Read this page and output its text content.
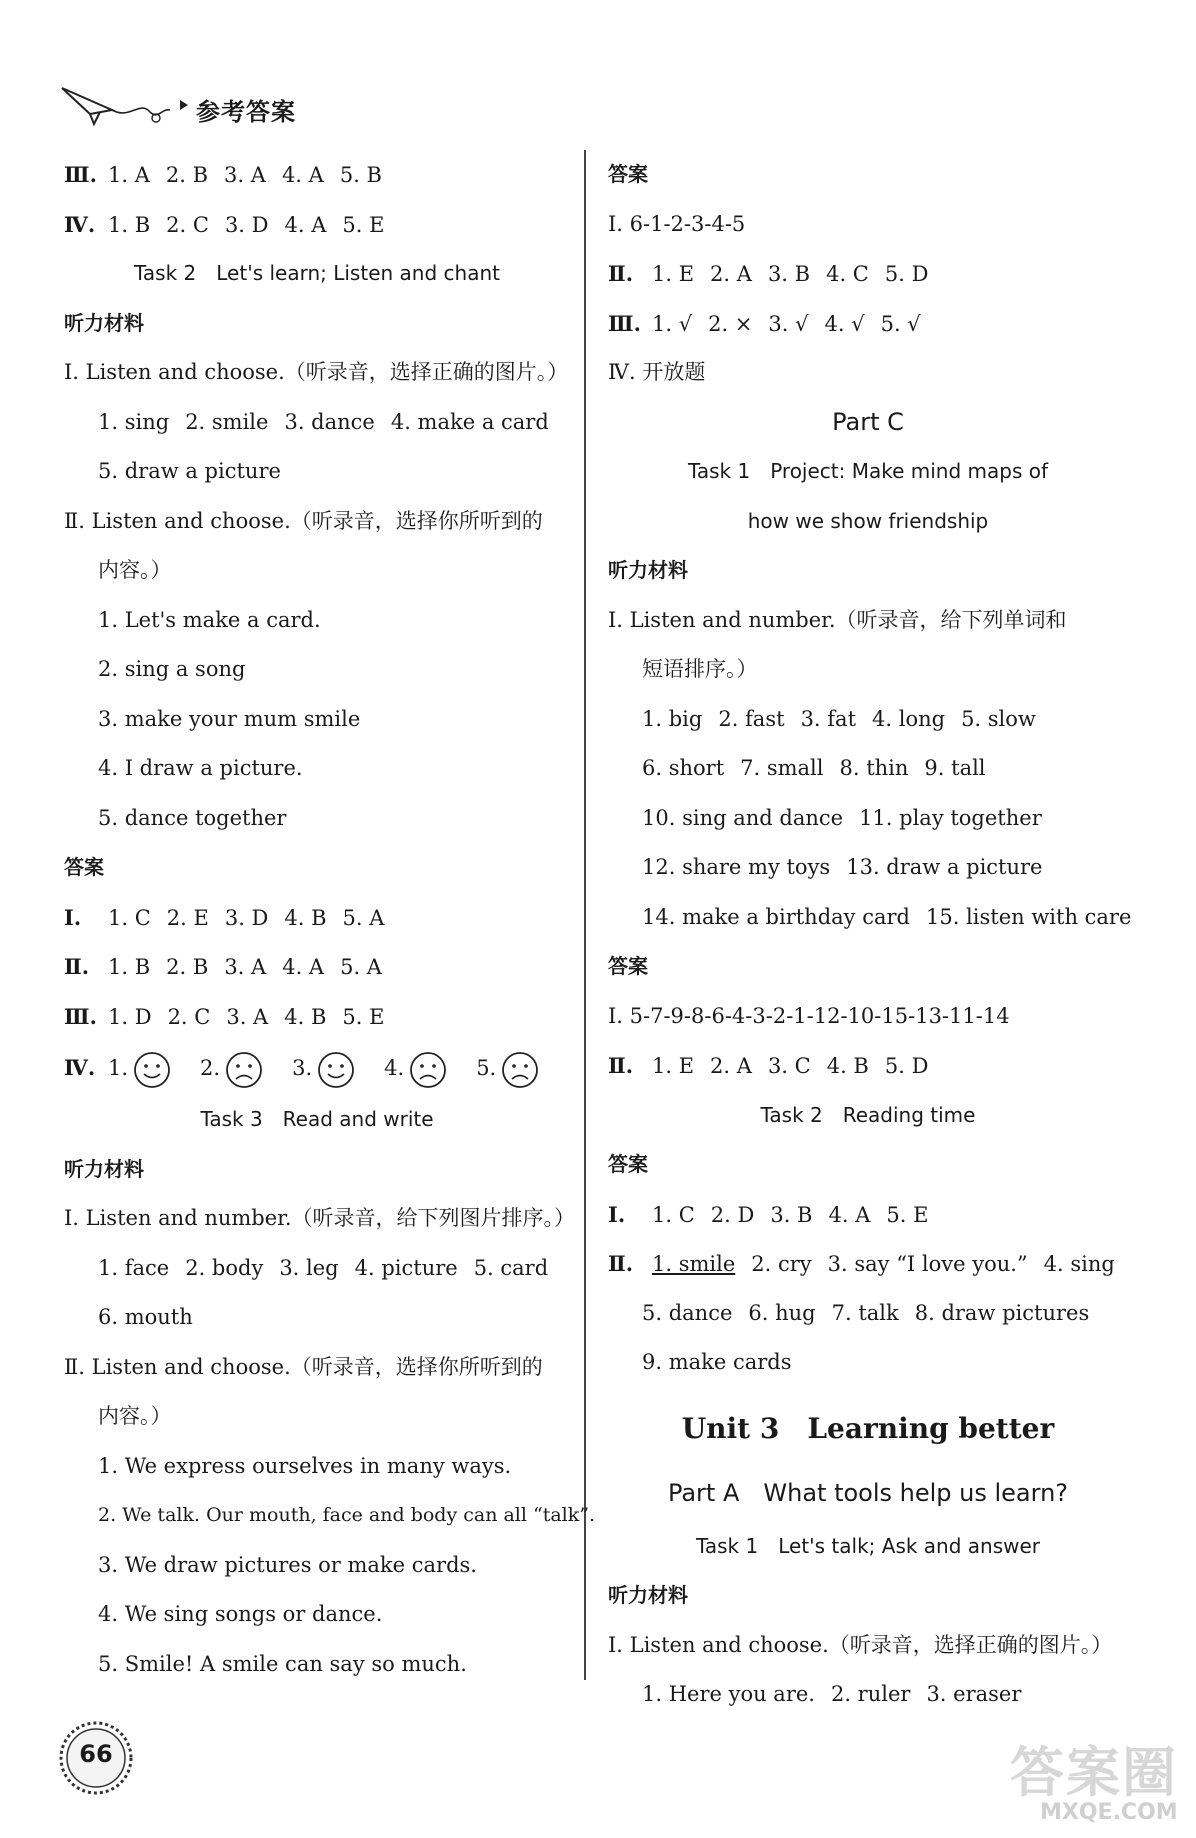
参考答案
Ⅲ. 1. A 2. B 3. A 4. A 5. B
Ⅳ. 1. B 2. C 3. D 4. A 5. E
Task 2　Let's learn; Listen and chant
听力材料
Ⅰ. Listen and choose.（听录音，选择正确的图片。）
1. sing 2. smile 3. dance 4. make a card
5. draw a picture
Ⅱ. Listen and choose.（听录音，选择你所听到的
内容。）
1. Let's make a card.
2. sing a song
3. make your mum smile
4. I draw a picture.
5. dance together
答案
Ⅰ. 1. C 2. E 3. D 4. B 5. A
Ⅱ. 1. B 2. B 3. A 4. A 5. A
Ⅲ. 1. D 2. C 3. A 4. B 5. E
Ⅳ. 1.	2.	3.	4.	5.
Task 3　Read and write
听力材料
Ⅰ. Listen and number.（听录音，给下列图片排序。）
1. face 2. body 3. leg 4. picture 5. card
6. mouth
Ⅱ. Listen and choose.（听录音，选择你所听到的
内容。）
1. We express ourselves in many ways.
2. We talk. Our mouth, face and body can all “talk”.
3. We draw pictures or make cards.
4. We sing songs or dance.
5. Smile! A smile can say so much.
答案
Ⅰ. 6-1-2-3-4-5
Ⅱ. 1. E 2. A 3. B 4. C 5. D
Ⅲ. 1. √ 2. × 3. √ 4. √ 5. √
Ⅳ. 开放题
Part C
Task 1　Project: Make mind maps of
how we show friendship
听力材料
Ⅰ. Listen and number.（听录音，给下列单词和
短语排序。）
1. big 2. fast 3. fat 4. long 5. slow
6. short 7. small 8. thin 9. tall
10. sing and dance 11. play together
12. share my toys 13. draw a picture
14. make a birthday card 15. listen with care
答案
Ⅰ. 5-7-9-8-6-4-3-2-1-12-10-15-13-11-14
Ⅱ. 1. E 2. A 3. C 4. B 5. D
Task 2　Reading time
答案
Ⅰ. 1. C 2. D 3. B 4. A 5. E
Ⅱ. 1. smile 2. cry 3. say “I love you.” 4. sing
5. dance 6. hug 7. talk 8. draw pictures
9. make cards
Unit 3　Learning better
Part A　What tools help us learn?
Task 1　Let's talk; Ask and answer
听力材料
Ⅰ. Listen and choose.（听录音，选择正确的图片。）
1. Here you are. 2. ruler 3. eraser
66	答案圈
MXQE.COM
